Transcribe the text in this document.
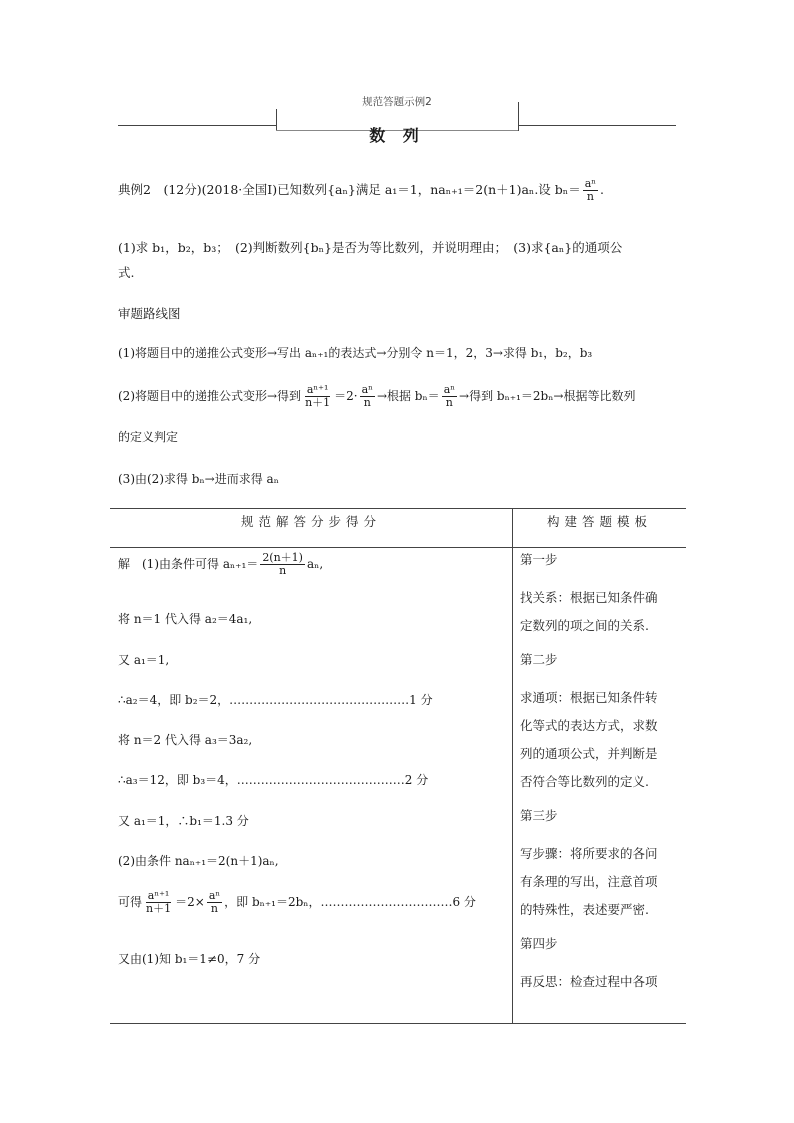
规范答题示例2
数 列
典例2　(12分)(2018·全国Ⅰ)已知数列{aₙ}满足 a₁＝1，naₙ₊₁＝2(n＋1)aₙ.设 $b_n= \frac{\text{aⁿ}}{n}$ .
(1)求 b₁，b₂，b₃；　(2)判断数列{bₙ}是否为等比数列，并说明理由；　(3)求{aₙ}的通项公
式.
审题路线图
(1)将题目中的递推公式变形→写出 aₙ₊₁的表达式→分别令 n＝1，2，3→求得 b₁，b₂，b₃
(2)将题目中的递推公式变形→得到 $\frac{\text{aⁿ⁺¹}}{n+1} =2\cdot \frac{\text{aⁿ}}{n}$ →根据 $b_n= \frac{\text{aⁿ}}{n}$ →得到 bₙ₊₁＝2bₙ→根据等比数列
的定义判定
(3)由(2)求得 bₙ→进而求得 aₙ
规范解答分步得分	构建答题模板
解　(1)由条件可得 $a_{n+1}= \frac{2(n+1)}{n} a_n$,
将 n＝1 代入得 a₂＝4a₁,
又 a₁＝1,
∴a₂＝4，即 b₂＝2，………………………………………1 分
将 n＝2 代入得 a₃＝3a₂,
∴a₃＝12，即 b₃＝4，……………………………………2 分
又 a₁＝1，∴b₁＝1.3 分
(2)由条件 naₙ₊₁＝2(n＋1)aₙ,
可得 $\frac{\text{aⁿ⁺¹}}{n+1} =2\times \frac{\text{aⁿ}}{n}$ ，即 bₙ₊₁＝2bₙ，……………………………6 分
又由(1)知 b₁＝1≠0，7 分
第一步
找关系：根据已知条件确
定数列的项之间的关系.
第二步
求通项：根据已知条件转
化等式的表达方式，求数
列的通项公式，并判断是
否符合等比数列的定义.
第三步
写步骤：将所要求的各问
有条理的写出，注意首项
的特殊性，表述要严密.
第四步
再反思：检查过程中各项
